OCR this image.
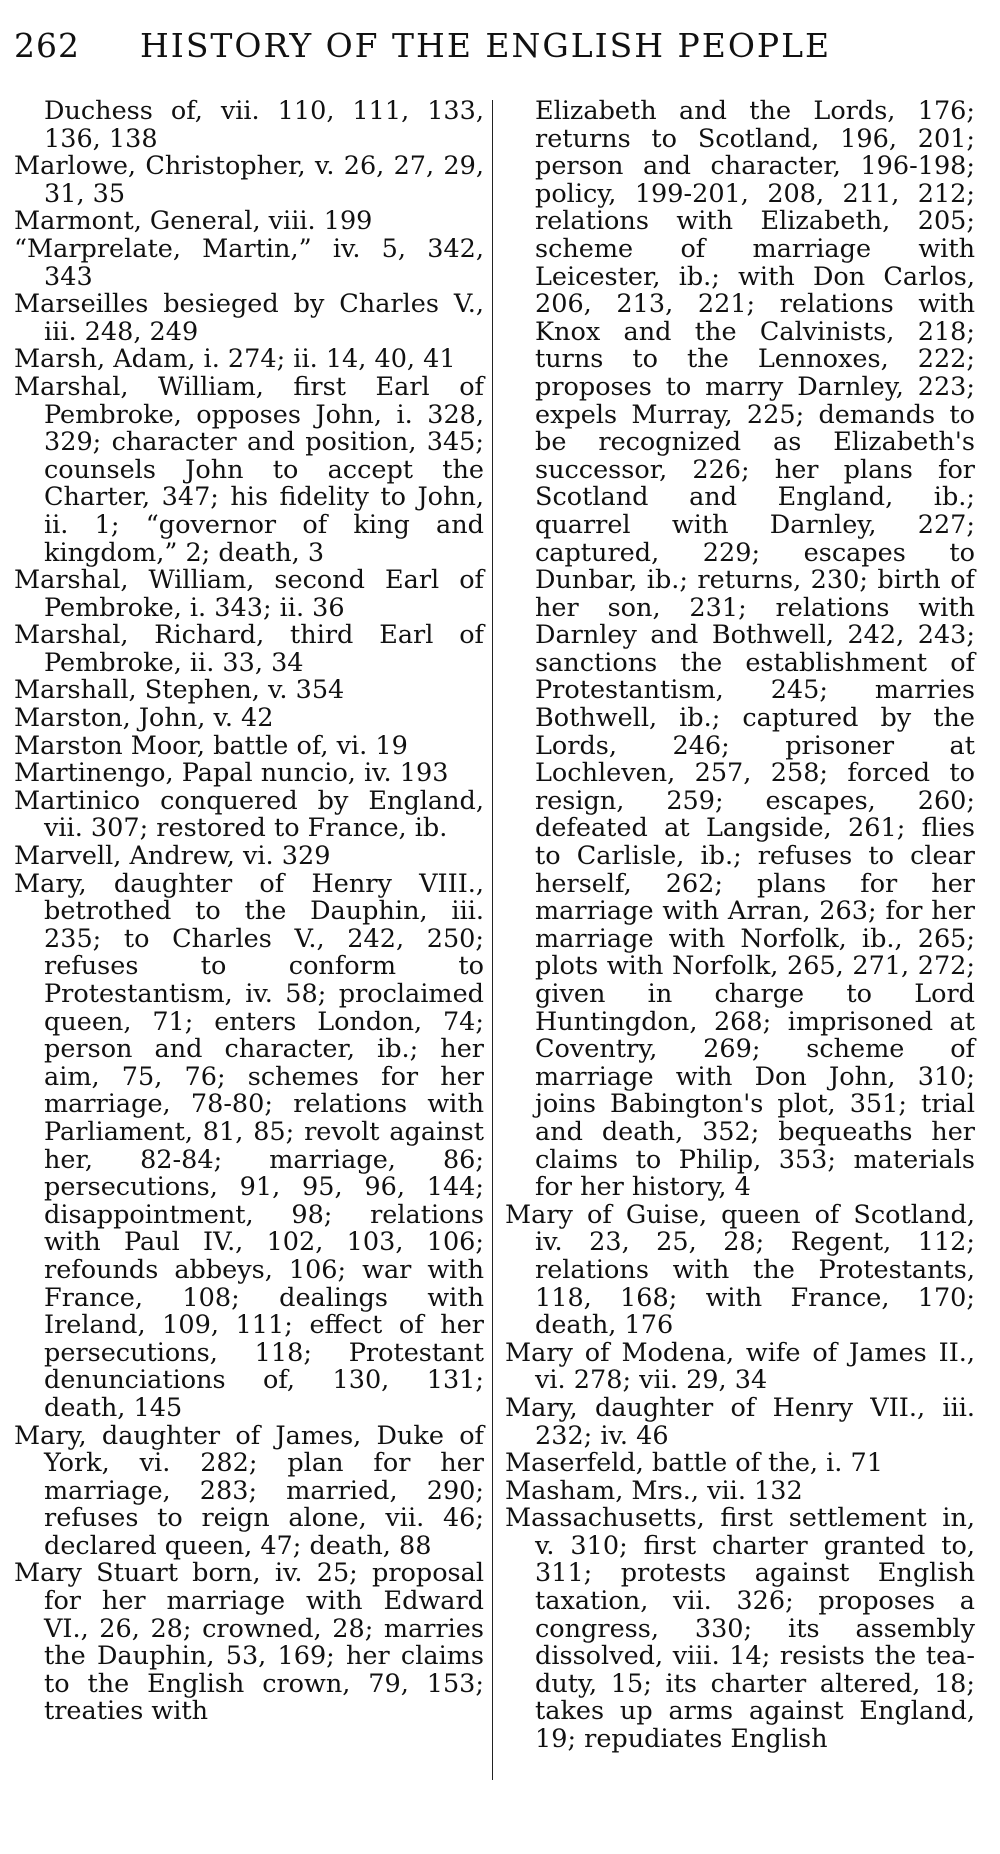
262 HISTORY OF THE ENGLISH PEOPLE

Duchess of, vii. 110, 111, 133, 136, 138

Marlowe, Christopher, v. 26, 27, 29, 31, 35

Marmont, General, viii. 199

“Marprelate, Martin,” iv. 5, 342, 343

Marseilles besieged by Charles V., iii. 248, 249

Marsh, Adam, i. 274; ii. 14, 40, 41

Marshal, William, first Earl of Pembroke, opposes John, i. 328, 329; character and position, 345; counsels John to accept the Charter, 347; his fidelity to John, ii. 1; “governor of king and kingdom,” 2; death, 3

Marshal, William, second Earl of Pembroke, i. 343; ii. 36

Marshal, Richard, third Earl of Pembroke, ii. 33, 34

Marshall, Stephen, v. 354

Marston, John, v. 42

Marston Moor, battle of, vi. 19

Martinengo, Papal nuncio, iv. 193

Martinico conquered by England, vii. 307; restored to France, ib.

Marvell, Andrew, vi. 329

Mary, daughter of Henry VIII., betrothed to the Dauphin, iii. 235; to Charles V., 242, 250; refuses to conform to Protestantism, iv. 58; proclaimed queen, 71; enters London, 74; person and character, ib.; her aim, 75, 76; schemes for her marriage, 78-80; relations with Parliament, 81, 85; revolt against her, 82-84; marriage, 86; persecutions, 91, 95, 96, 144; disappointment, 98; relations with Paul IV., 102, 103, 106; refounds abbeys, 106; war with France, 108; dealings with Ireland, 109, 111; effect of her persecutions, 118; Protestant denunciations of, 130, 131; death, 145

Mary, daughter of James, Duke of York, vi. 282; plan for her marriage, 283; married, 290; refuses to reign alone, vii. 46; declared queen, 47; death, 88

Mary Stuart born, iv. 25; proposal for her marriage with Edward VI., 26, 28; crowned, 28; marries the Dauphin, 53, 169; her claims to the English crown, 79, 153; treaties with

Elizabeth and the Lords, 176; returns to Scotland, 196, 201; person and character, 196-198; policy, 199-201, 208, 211, 212; relations with Elizabeth, 205; scheme of marriage with Leicester, ib.; with Don Carlos, 206, 213, 221; relations with Knox and the Calvinists, 218; turns to the Lennoxes, 222; proposes to marry Darnley, 223; expels Murray, 225; demands to be recognized as Elizabeth's successor, 226; her plans for Scotland and England, ib.; quarrel with Darnley, 227; captured, 229; escapes to Dunbar, ib.; returns, 230; birth of her son, 231; relations with Darnley and Bothwell, 242, 243; sanctions the establishment of Protestantism, 245; marries Bothwell, ib.; captured by the Lords, 246; prisoner at Lochleven, 257, 258; forced to resign, 259; escapes, 260; defeated at Langside, 261; flies to Carlisle, ib.; refuses to clear herself, 262; plans for her marriage with Arran, 263; for her marriage with Norfolk, ib., 265; plots with Norfolk, 265, 271, 272; given in charge to Lord Huntingdon, 268; imprisoned at Coventry, 269; scheme of marriage with Don John, 310; joins Babington's plot, 351; trial and death, 352; bequeaths her claims to Philip, 353; materials for her history, 4

Mary of Guise, queen of Scotland, iv. 23, 25, 28; Regent, 112; relations with the Protestants, 118, 168; with France, 170; death, 176

Mary of Modena, wife of James II., vi. 278; vii. 29, 34

Mary, daughter of Henry VII., iii. 232; iv. 46

Maserfeld, battle of the, i. 71

Masham, Mrs., vii. 132

Massachusetts, first settlement in, v. 310; first charter granted to, 311; protests against English taxation, vii. 326; proposes a congress, 330; its assembly dissolved, viii. 14; resists the tea-duty, 15; its charter altered, 18; takes up arms against England, 19; repudiates English
